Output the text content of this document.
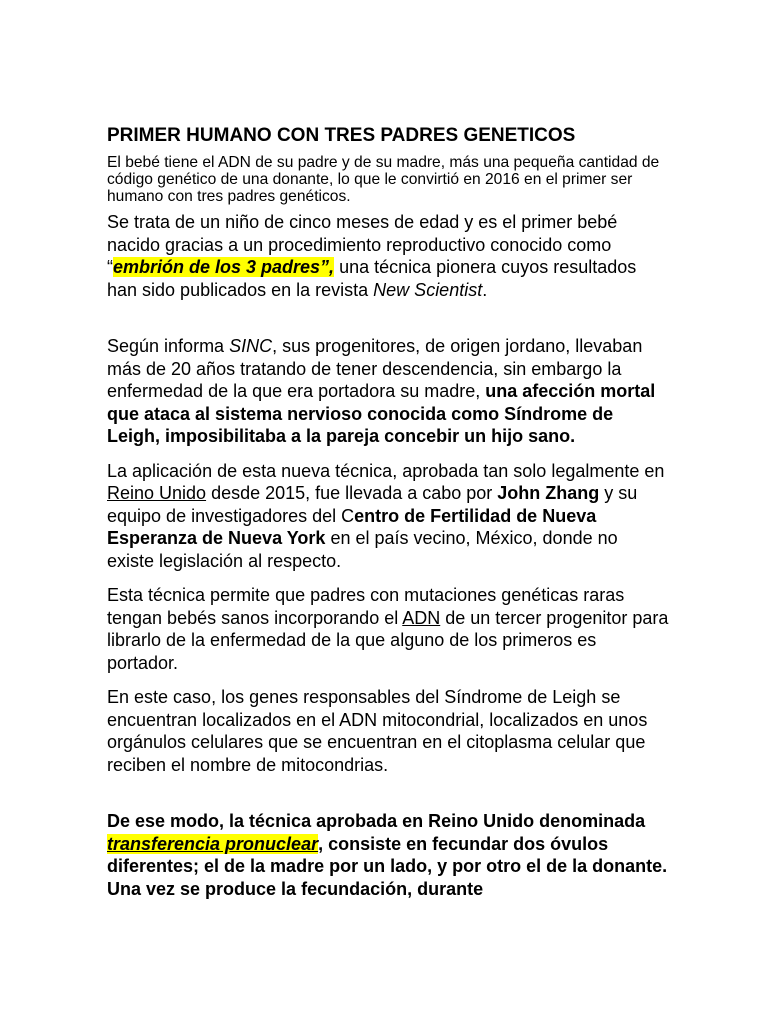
PRIMER HUMANO CON TRES PADRES GENETICOS
El bebé tiene el ADN de su padre y de su madre, más una pequeña cantidad de código genético de una donante, lo que le convirtió en 2016 en el primer ser humano con tres padres genéticos.

Se trata de un niño de cinco meses de edad y es el primer bebé nacido gracias a un procedimiento reproductivo conocido como “embrión de los 3 padres”, una técnica pionera cuyos resultados han sido publicados en la revista New Scientist.

Según informa SINC, sus progenitores, de origen jordano, llevaban más de 20 años tratando de tener descendencia, sin embargo la enfermedad de la que era portadora su madre, una afección mortal que ataca al sistema nervioso conocida como Síndrome de Leigh, imposibilitaba a la pareja concebir un hijo sano.

La aplicación de esta nueva técnica, aprobada tan solo legalmente en Reino Unido desde 2015, fue llevada a cabo por John Zhang y su equipo de investigadores del Centro de Fertilidad de Nueva Esperanza de Nueva York en el país vecino, México, donde no existe legislación al respecto.

Esta técnica permite que padres con mutaciones genéticas raras tengan bebés sanos incorporando el ADN de un tercer progenitor para librarlo de la enfermedad de la que alguno de los primeros es portador.

En este caso, los genes responsables del Síndrome de Leigh se encuentran localizados en el ADN mitocondrial, localizados en unos orgánulos celulares que se encuentran en el citoplasma celular que reciben el nombre de mitocondrias.

De ese modo, la técnica aprobada en Reino Unido denominada transferencia pronuclear, consiste en fecundar dos óvulos diferentes; el de la madre por un lado, y por otro el de la donante. Una vez se produce la fecundación, durante
